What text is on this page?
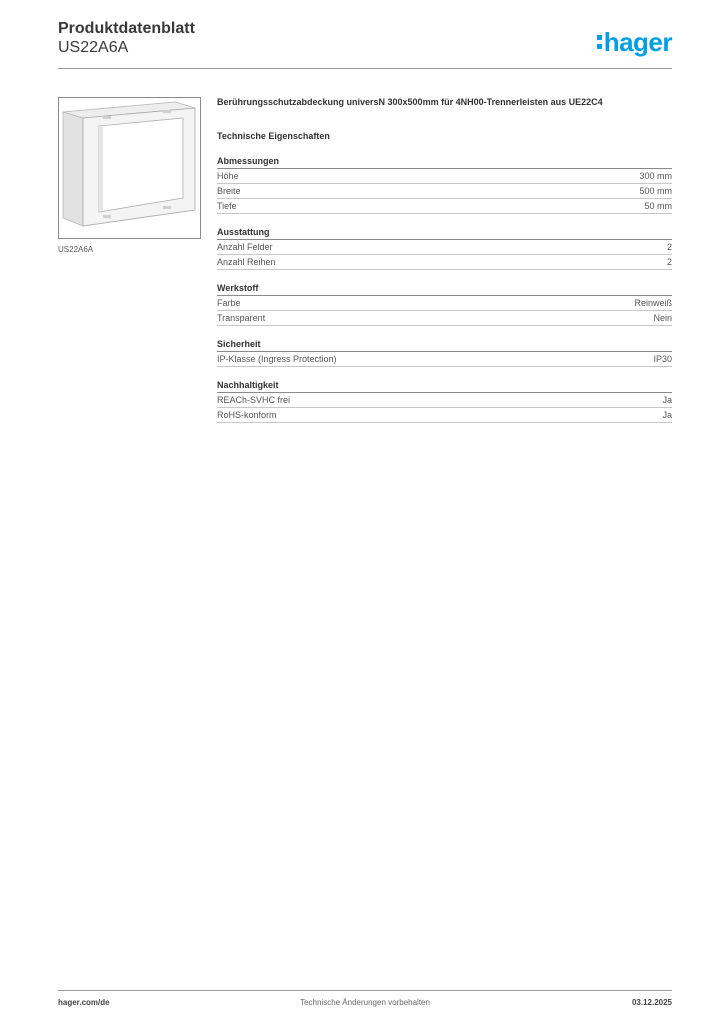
Produktdatenblatt
US22A6A	hager
US22A6A
Berührungsschutzabdeckung universN 300x500mm für 4NH00-Trennerleisten aus UE22C4
Technische Eigenschaften
Abmessungen
Höhe	300 mm
Breite	500 mm
Tiefe	50 mm
Ausstattung
Anzahl Felder	2
Anzahl Reihen	2
Werkstoff
Farbe	Reinweiß
Transparent	Nein
Sicherheit
IP-Klasse (Ingress Protection)	IP30
Nachhaltigkeit
REACh-SVHC frei	Ja
RoHS-konform	Ja
hager.com/de	Technische Änderungen vorbehalten	03.12.2025
